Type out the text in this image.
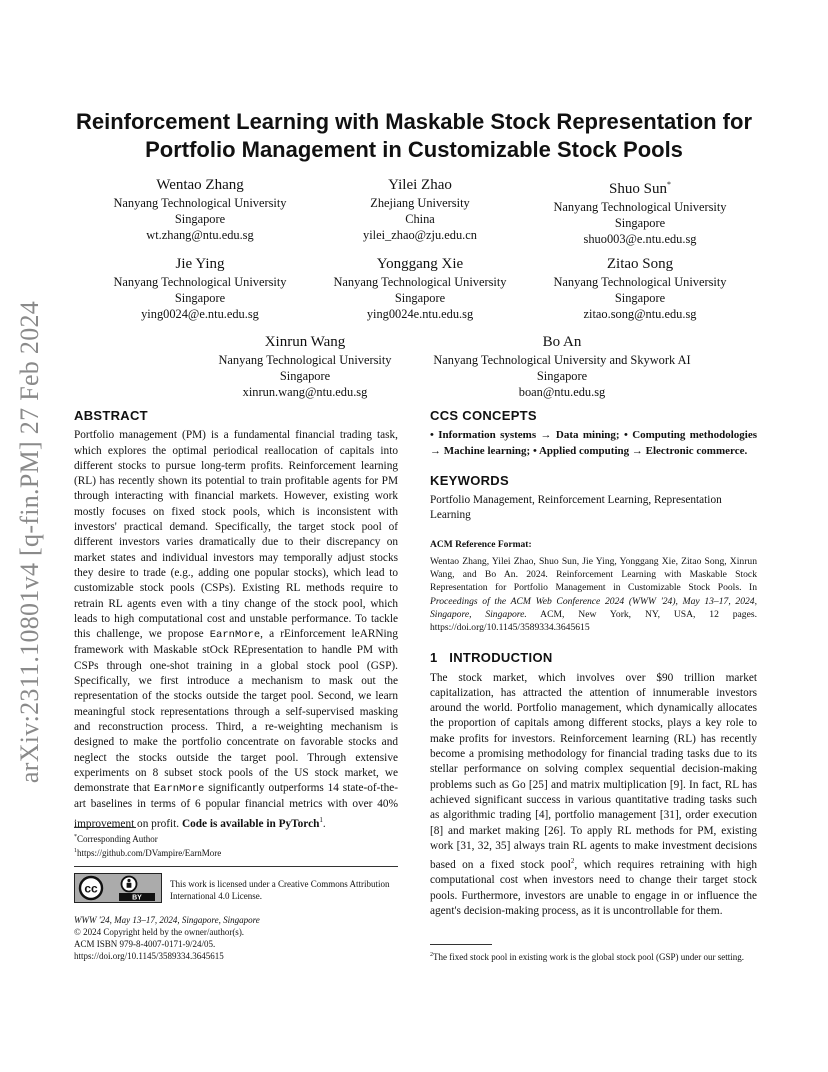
arXiv:2311.10801v4 [q-fin.PM] 27 Feb 2024
Reinforcement Learning with Maskable Stock Representation for
Portfolio Management in Customizable Stock Pools
Wentao Zhang
Nanyang Technological University
Singapore
wt.zhang@ntu.edu.sg
Yilei Zhao
Zhejiang University
China
yilei_zhao@zju.edu.cn
Shuo Sun*
Nanyang Technological University
Singapore
shuo003@e.ntu.edu.sg
Jie Ying
Nanyang Technological University
Singapore
ying0024@e.ntu.edu.sg
Yonggang Xie
Nanyang Technological University
Singapore
ying0024e.ntu.edu.sg
Zitao Song
Nanyang Technological University
Singapore
zitao.song@ntu.edu.sg
Xinrun Wang
Nanyang Technological University
Singapore
xinrun.wang@ntu.edu.sg
Bo An
Nanyang Technological University and Skywork AI
Singapore
boan@ntu.edu.sg
ABSTRACT
Portfolio management (PM) is a fundamental financial trading task, which explores the optimal periodical reallocation of capitals into different stocks to pursue long-term profits. Reinforcement learning (RL) has recently shown its potential to train profitable agents for PM through interacting with financial markets. However, existing work mostly focuses on fixed stock pools, which is inconsistent with investors' practical demand. Specifically, the target stock pool of different investors varies dramatically due to their discrepancy on market states and individual investors may temporally adjust stocks they desire to trade (e.g., adding one popular stocks), which lead to customizable stock pools (CSPs). Existing RL methods require to retrain RL agents even with a tiny change of the stock pool, which leads to high computational cost and unstable performance. To tackle this challenge, we propose EarnMore, a rEinforcement leARNing framework with Maskable stOck REpresentation to handle PM with CSPs through one-shot training in a global stock pool (GSP). Specifically, we first introduce a mechanism to mask out the representation of the stocks outside the target pool. Second, we learn meaningful stock representations through a self-supervised masking and reconstruction process. Third, a re-weighting mechanism is designed to make the portfolio concentrate on favorable stocks and neglect the stocks outside the target pool. Through extensive experiments on 8 subset stock pools of the US stock market, we demonstrate that EarnMore significantly outperforms 14 state-of-the-art baselines in terms of 6 popular financial metrics with over 40% improvement on profit. Code is available in PyTorch$^1$.
*Corresponding Author
$^1$https://github.com/DVampire/EarnMore
cc
BY
This work is licensed under a Creative Commons Attribution International 4.0 License.
WWW '24, May 13–17, 2024, Singapore, Singapore
© 2024 Copyright held by the owner/author(s).
ACM ISBN 979-8-4007-0171-9/24/05.
https://doi.org/10.1145/3589334.3645615
CCS CONCEPTS
• Information systems → Data mining; • Computing methodologies → Machine learning; • Applied computing → Electronic commerce.
KEYWORDS
Portfolio Management, Reinforcement Learning, Representation Learning
ACM Reference Format:
Wentao Zhang, Yilei Zhao, Shuo Sun, Jie Ying, Yonggang Xie, Zitao Song, Xinrun Wang, and Bo An. 2024. Reinforcement Learning with Maskable Stock Representation for Portfolio Management in Customizable Stock Pools. In Proceedings of the ACM Web Conference 2024 (WWW '24), May 13–17, 2024, Singapore, Singapore. ACM, New York, NY, USA, 12 pages. https://doi.org/10.1145/3589334.3645615
1 INTRODUCTION
The stock market, which involves over $90 trillion market capitalization, has attracted the attention of innumerable investors around the world. Portfolio management, which dynamically allocates the proportion of capitals among different stocks, plays a key role to make profits for investors. Reinforcement learning (RL) has recently become a promising methodology for financial trading tasks due to its stellar performance on solving complex sequential decision-making problems such as Go [25] and matrix multiplication [9]. In fact, RL has achieved significant success in various quantitative trading tasks such as algorithmic trading [4], portfolio management [31], order execution [8] and market making [26]. To apply RL methods for PM, existing work [31, 32, 35] always train RL agents to make investment decisions based on a fixed stock pool$^2$, which requires retraining with high computational cost when investors need to change their target stock pools. Furthermore, investors are unable to engage in or influence the agent's decision-making process, as it is uncontrollable for them.
$^2$The fixed stock pool in existing work is the global stock pool (GSP) under our setting.
